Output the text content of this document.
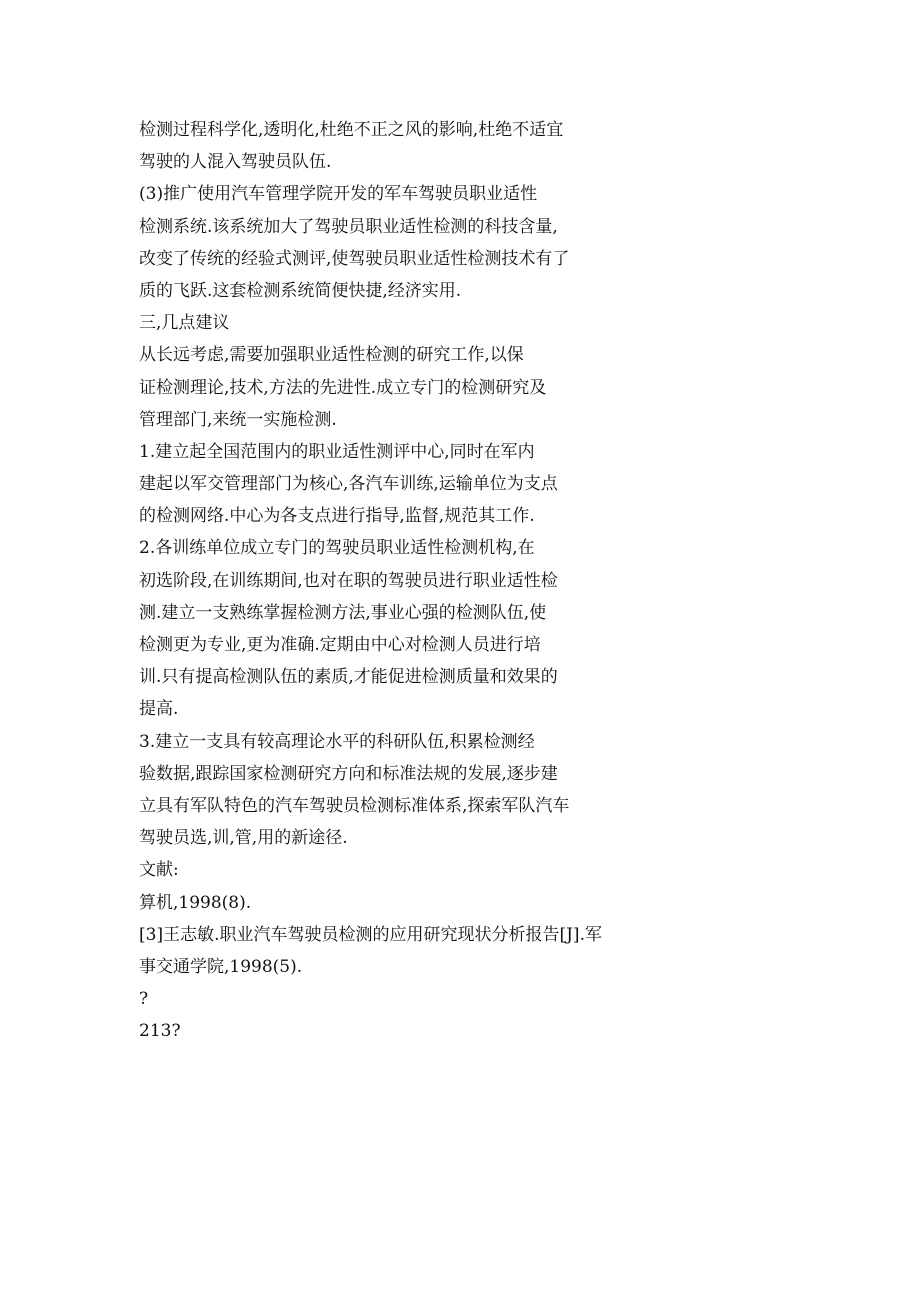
检测过程科学化,透明化,杜绝不正之风的影响,杜绝不适宜

驾驶的人混入驾驶员队伍.

(3)推广使用汽车管理学院开发的军车驾驶员职业适性

检测系统.该系统加大了驾驶员职业适性检测的科技含量,

改变了传统的经验式测评,使驾驶员职业适性检测技术有了

质的飞跃.这套检测系统简便快捷,经济实用.

三,几点建议

从长远考虑,需要加强职业适性检测的研究工作,以保

证检测理论,技术,方法的先进性.成立专门的检测研究及

管理部门,来统一实施检测.

1.建立起全国范围内的职业适性测评中心,同时在军内

建起以军交管理部门为核心,各汽车训练,运输单位为支点

的检测网络.中心为各支点进行指导,监督,规范其工作.

2.各训练单位成立专门的驾驶员职业适性检测机构,在

初选阶段,在训练期间,也对在职的驾驶员进行职业适性检

测.建立一支熟练掌握检测方法,事业心强的检测队伍,使

检测更为专业,更为准确.定期由中心对检测人员进行培

训.只有提高检测队伍的素质,才能促进检测质量和效果的

提高.

3.建立一支具有较高理论水平的科研队伍,积累检测经

验数据,跟踪国家检测研究方向和标准法规的发展,逐步建

立具有军队特色的汽车驾驶员检测标准体系,探索军队汽车

驾驶员选,训,管,用的新途径.

文献:

算机,1998(8).

[3]王志敏.职业汽车驾驶员检测的应用研究现状分析报告[J].军

事交通学院,1998(5).

?

213?
